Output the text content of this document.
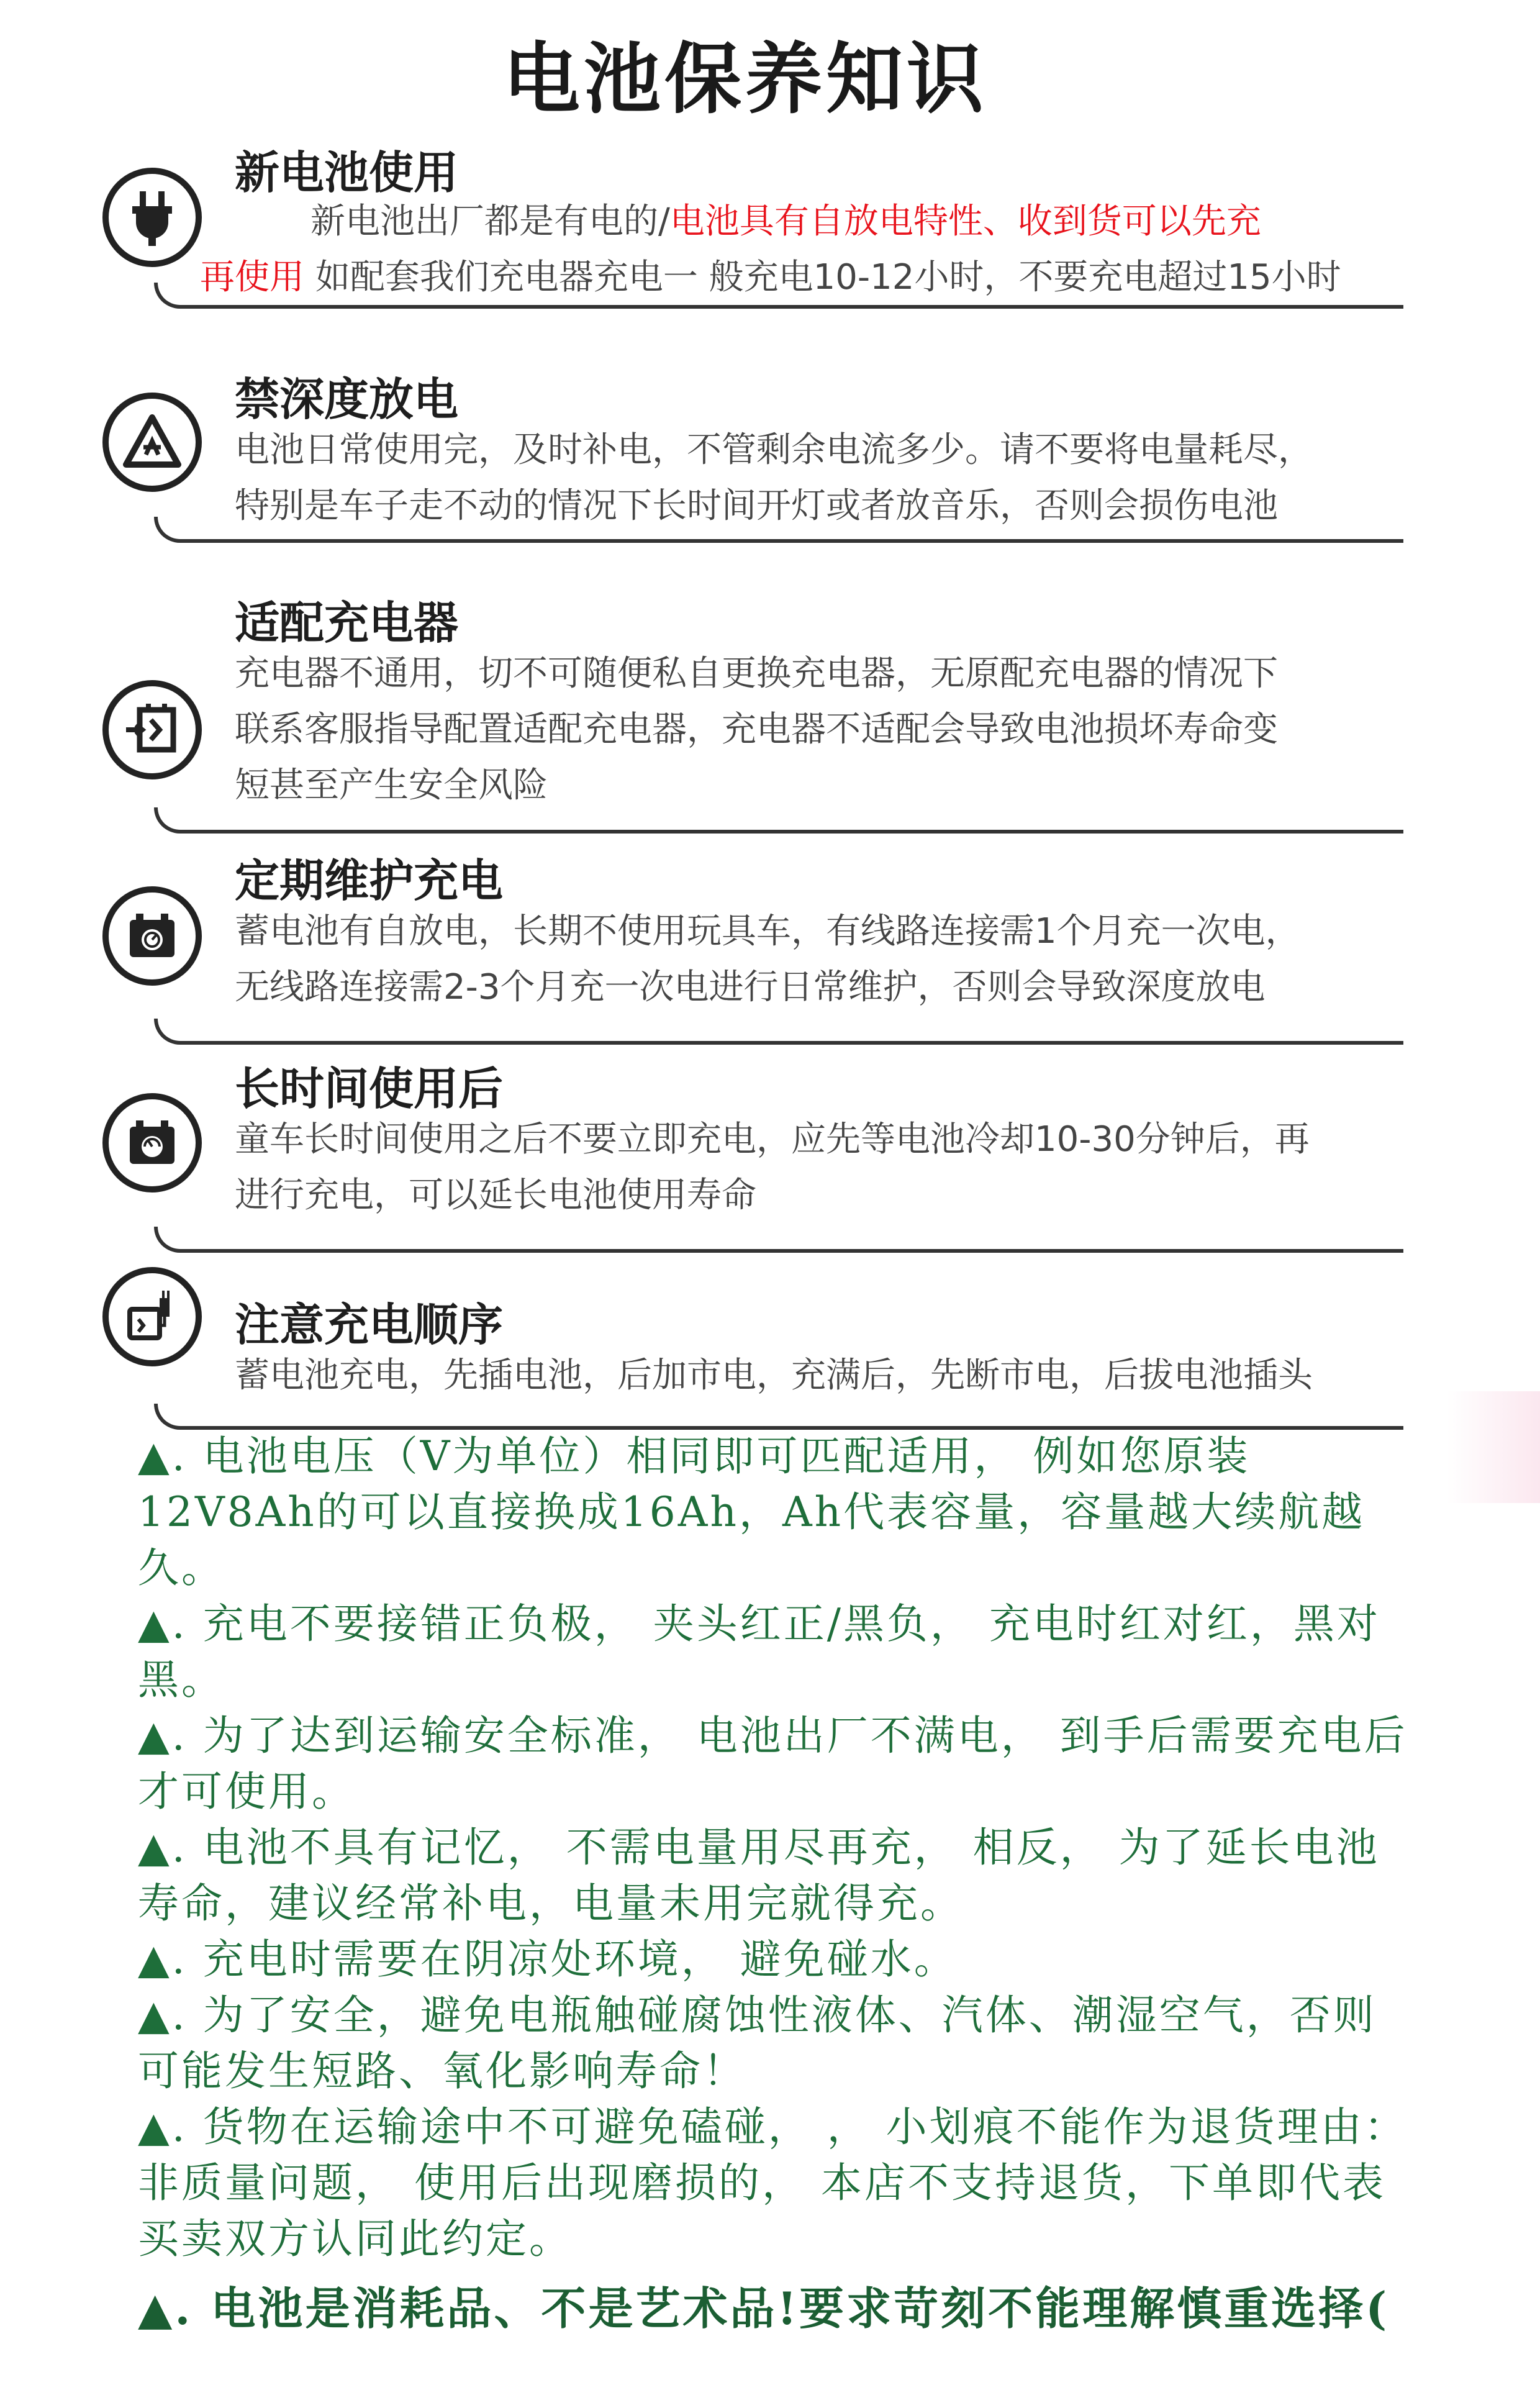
电池保养知识
新电池使用
新电池出厂都是有电的/电池具有自放电特性、收到货可以先充
再使用 如配套我们充电器充电一 般充电10-12小时，不要充电超过15小时
禁深度放电
电池日常使用完，及时补电，不管剩余电流多少。请不要将电量耗尽，
特别是车子走不动的情况下长时间开灯或者放音乐，否则会损伤电池
适配充电器
充电器不通用，切不可随便私自更换充电器，无原配充电器的情况下
联系客服指导配置适配充电器，充电器不适配会导致电池损坏寿命变
短甚至产生安全风险
定期维护充电
蓄电池有自放电，长期不使用玩具车，有线路连接需1个月充一次电，
无线路连接需2-3个月充一次电进行日常维护，否则会导致深度放电
长时间使用后
童车长时间使用之后不要立即充电，应先等电池冷却10-30分钟后，再
进行充电，可以延长电池使用寿命
注意充电顺序
蓄电池充电，先插电池，后加市电，充满后，先断市电，后拔电池插头

▲. 电池电压（V为单位）相同即可匹配适用， 例如您原装12V8Ah的可以直接换成16Ah，Ah代表容量，容量越大续航越久。

▲. 充电不要接错正负极， 夹头红正/黑负， 充电时红对红，黑对黑。

▲. 为了达到运输安全标准， 电池出厂不满电， 到手后需要充电后才可使用。

▲. 电池不具有记忆， 不需电量用尽再充， 相反， 为了延长电池寿命，建议经常补电，电量未用完就得充。

▲. 充电时需要在阴凉处环境， 避免碰水。

▲. 为了安全，避免电瓶触碰腐蚀性液体、汽体、潮湿空气，否则可能发生短路、氧化影响寿命！

▲. 货物在运输途中不可避免磕碰， ， 小划痕不能作为退货理由：非质量问题， 使用后出现磨损的， 本店不支持退货，下单即代表买卖双方认同此约定。

▲. 电池是消耗品、不是艺术品!要求苛刻不能理解慎重选择(
